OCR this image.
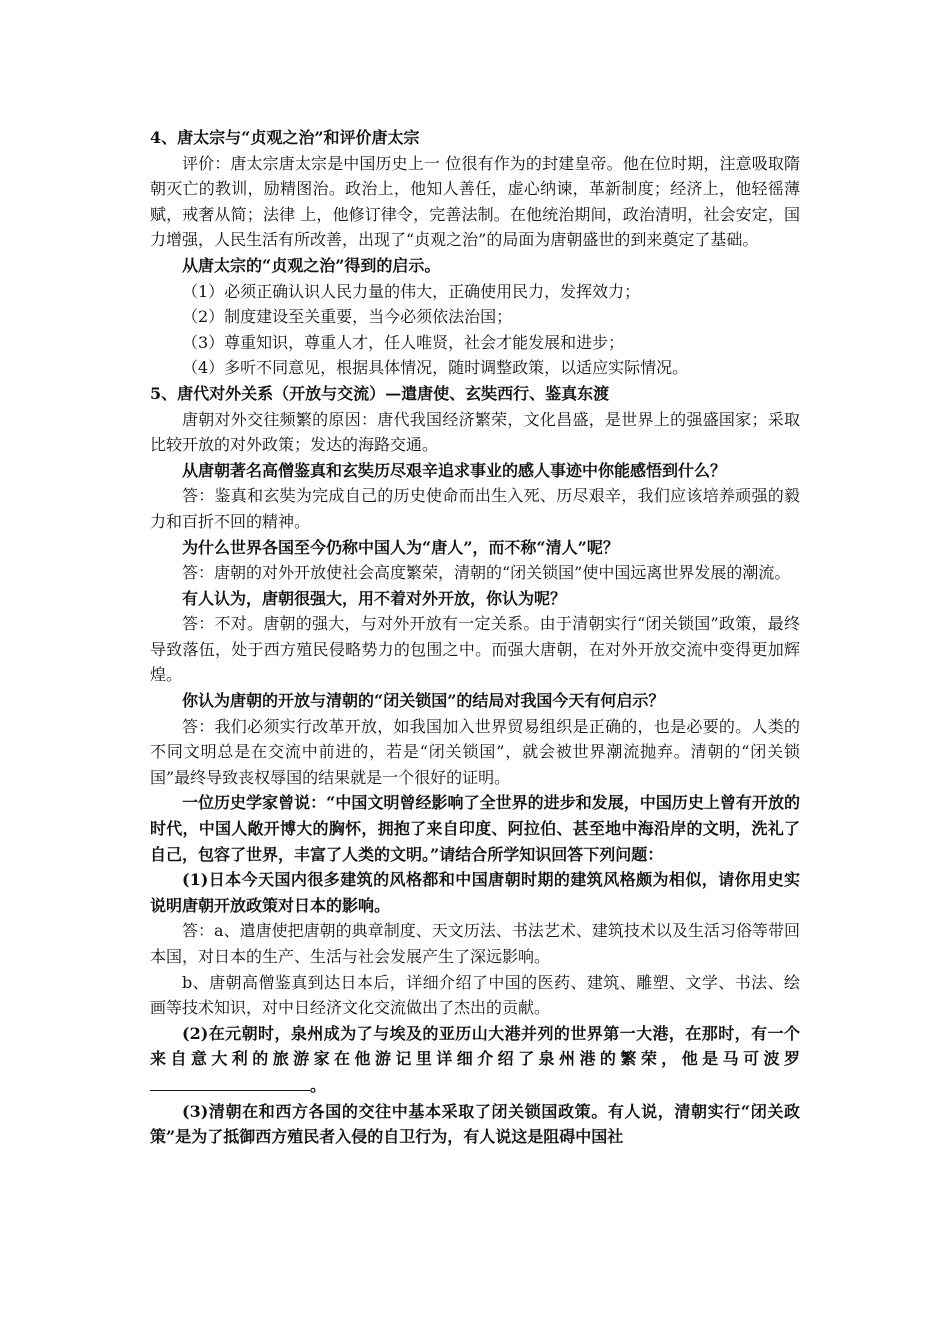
4、唐太宗与“贞观之治”和评价唐太宗

评价：唐太宗唐太宗是中国历史上一 位很有作为的封建皇帝。他在位时期，注意吸取隋朝灭亡的教训，励精图治。政治上，他知人善任，虚心纳谏，革新制度；经济上，他轻徭薄赋，戒奢从简；法律 上，他修订律令，完善法制。在他统治期间，政治清明，社会安定，国力增强，人民生活有所改善，出现了“贞观之治”的局面为唐朝盛世的到来奠定了基础。

从唐太宗的“贞观之治”得到的启示。

（1）必须正确认识人民力量的伟大，正确使用民力，发挥效力；

（2）制度建设至关重要，当今必须依法治国；

（3）尊重知识，尊重人才，任人唯贤，社会才能发展和进步；

（4）多听不同意见，根据具体情况，随时调整政策，以适应实际情况。

5、唐代对外关系（开放与交流）—遣唐使、玄奘西行、鉴真东渡

唐朝对外交往频繁的原因：唐代我国经济繁荣，文化昌盛，是世界上的强盛国家；采取比较开放的对外政策；发达的海路交通。

从唐朝著名高僧鉴真和玄奘历尽艰辛追求事业的感人事迹中你能感悟到什么？

答：鉴真和玄奘为完成自己的历史使命而出生入死、历尽艰辛，我们应该培养顽强的毅力和百折不回的精神。

为什么世界各国至今仍称中国人为“唐人”，而不称“清人”呢？

答：唐朝的对外开放使社会高度繁荣，清朝的“闭关锁国”使中国远离世界发展的潮流。

有人认为，唐朝很强大，用不着对外开放，你认为呢？

答：不对。唐朝的强大，与对外开放有一定关系。由于清朝实行“闭关锁国”政策，最终导致落伍，处于西方殖民侵略势力的包围之中。而强大唐朝，在对外开放交流中变得更加辉煌。

你认为唐朝的开放与清朝的“闭关锁国”的结局对我国今天有何启示？

答：我们必须实行改革开放，如我国加入世界贸易组织是正确的，也是必要的。人类的不同文明总是在交流中前进的，若是“闭关锁国”，就会被世界潮流抛弃。清朝的“闭关锁国”最终导致丧权辱国的结果就是一个很好的证明。

一位历史学家曾说：“中国文明曾经影响了全世界的进步和发展，中国历史上曾有开放的时代，中国人敞开博大的胸怀，拥抱了来自印度、阿拉伯、甚至地中海沿岸的文明，洗礼了自己，包容了世界，丰富了人类的文明。”请结合所学知识回答下列问题：

(1)日本今天国内很多建筑的风格都和中国唐朝时期的建筑风格颇为相似，请你用史实说明唐朝开放政策对日本的影响。

答：a、遣唐使把唐朝的典章制度、天文历法、书法艺术、建筑技术以及生活习俗等带回本国，对日本的生产、生活与社会发展产生了深远影响。

b、唐朝高僧鉴真到达日本后，详细介绍了中国的医药、建筑、雕塑、文学、书法、绘画等技术知识，对中日经济文化交流做出了杰出的贡献。

(2)在元朝时，泉州成为了与埃及的亚历山大港并列的世界第一大港，在那时，有一个来自意大利的旅游家在他游记里详细介绍了泉州港的繁荣，他是马可波罗。

(3)清朝在和西方各国的交往中基本采取了闭关锁国政策。有人说，清朝实行“闭关政策”是为了抵御西方殖民者入侵的自卫行为，有人说这是阻碍中国社
